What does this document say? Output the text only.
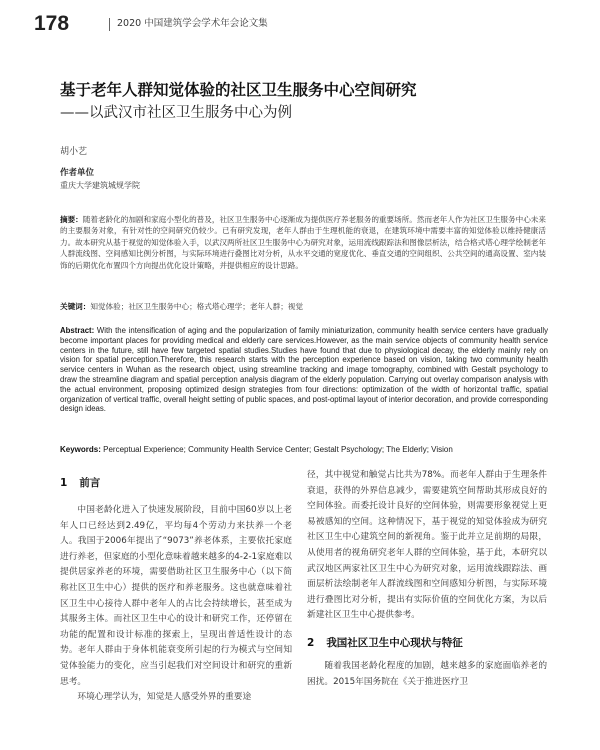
178	2020 中国建筑学会学术年会论文集
基于老年人群知觉体验的社区卫生服务中心空间研究
——以武汉市社区卫生服务中心为例
胡小艺
作者单位
重庆大学建筑城规学院
摘要：随着老龄化的加剧和家庭小型化的普及，社区卫生服务中心逐渐成为提供医疗养老服务的重要场所。然而老年人作为社区卫生服务中心未来的主要服务对象，有针对性的空间研究仍较少。已有研究发现，老年人群由于生理机能的衰退，在建筑环境中需要丰富的知觉体验以维持健康活力。故本研究从基于视觉的知觉体验入手，以武汉两所社区卫生服务中心为研究对象，运用流线跟踪法和图像层析法，结合格式塔心理学绘制老年人群流线图、空间感知比例分析图，与实际环境进行叠图比对分析，从水平交通的宽度优化、垂直交通的空间组织、公共空间的通高设置、室内装饰的后期优化布置四个方向提出优化设计策略，并提供相应的设计思路。
关键词：知觉体验；社区卫生服务中心；格式塔心理学；老年人群；视觉
Abstract: With the intensification of aging and the popularization of family miniaturization, community health service centers have gradually become important places for providing medical and elderly care services.However, as the main service objects of community health service centers in the future, still have few targeted spatial studies.Studies have found that due to physiological decay, the elderly mainly rely on vision for spatial perception.Therefore, this research starts with the perception experience based on vision, taking two community health service centers in Wuhan as the research object, using streamline tracking and image tomography, combined with Gestalt psychology to draw the streamline diagram and spatial perception analysis diagram of the elderly population. Carrying out overlay comparison analysis with the actual environment, proposing optimized design strategies from four directions: optimization of the width of horizontal traffic, spatial organization of vertical traffic, overall height setting of public spaces, and post-optimal layout of interior decoration, and provide corresponding design ideas.
Keywords: Perceptual Experience; Community Health Service Center; Gestalt Psychology; The Elderly; Vision
1 前言

中国老龄化进入了快速发展阶段，目前中国60岁以上老年人口已经达到2.49亿，平均每4个劳动力来扶养一个老人。我国于2006年提出了“9073”养老体系，主要依托家庭进行养老，但家庭的小型化意味着越来越多的4-2-1家庭难以提供居家养老的环境，需要借助社区卫生服务中心（以下简称社区卫生中心）提供的医疗和养老服务。这也就意味着社区卫生中心接待人群中老年人的占比会持续增长，甚至成为其服务主体。而社区卫生中心的设计和研究工作，还停留在功能的配置和设计标准的探索上，呈现出普适性设计的态势。老年人群由于身体机能衰变所引起的行为模式与空间知觉体验能力的变化，应当引起我们对空间设计和研究的重新思考。

环境心理学认为，知觉是人感受外界的重要途

径，其中视觉和触觉占比共为78%。而老年人群由于生理条件衰退，获得的外界信息减少，需要建筑空间帮助其形成良好的空间体验。而委托设计良好的空间体验，则需要形象视觉上更易被感知的空间。这种情况下，基于视觉的知觉体验成为研究社区卫生中心建筑空间的新视角。鉴于此并立足前期的局限，从使用者的视角研究老年人群的空间体验，基于此，本研究以武汉地区两家社区卫生中心为研究对象，运用流线跟踪法、画面层析法绘制老年人群流线图和空间感知分析图，与实际环境进行叠图比对分析，提出有实际价值的空间优化方案，为以后新建社区卫生中心提供参考。

2 我国社区卫生中心现状与特征

随着我国老龄化程度的加剧，越来越多的家庭面临养老的困扰。2015年国务院在《关于推进医疗卫
